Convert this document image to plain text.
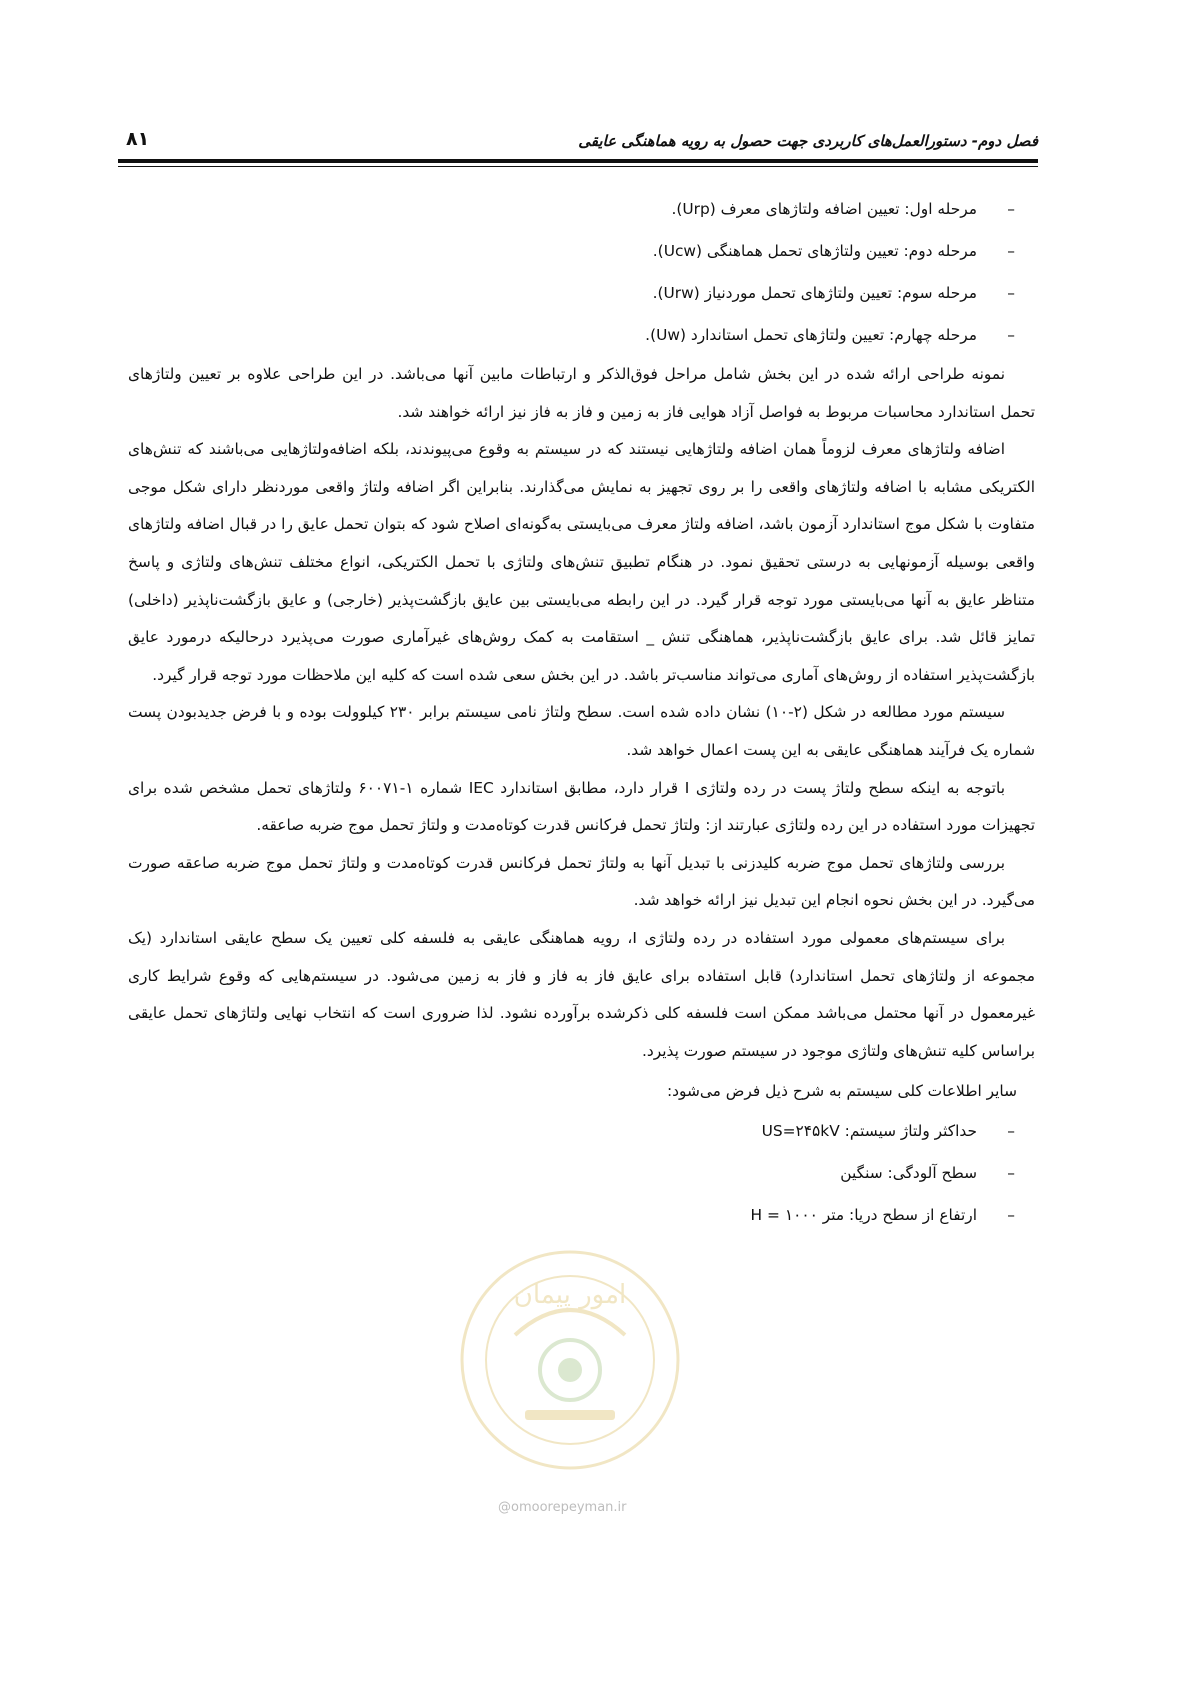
فصل دوم- دستورالعمل‌های کاربردی جهت حصول به رویه هماهنگی عایقی
۸۱
–مرحله اول: تعیین اضافه ولتاژهای معرف (Urp).
–مرحله دوم: تعیین ولتاژهای تحمل هماهنگی (Ucw).
–مرحله سوم: تعیین ولتاژهای تحمل موردنیاز (Urw).
–مرحله چهارم: تعیین ولتاژهای تحمل استاندارد (Uw).

نمونه طراحی ارائه شده در این بخش شامل مراحل فوق‌الذکر و ارتباطات مابین آنها می‌باشد. در این طراحی علاوه بر تعیین ولتاژهای تحمل استاندارد محاسبات مربوط به فواصل آزاد هوایی فاز به زمین و فاز به فاز نیز ارائه خواهند شد.

اضافه ولتاژهای معرف لزوماً همان اضافه ولتاژهایی نیستند که در سیستم به وقوع می‌پیوندند، بلکه اضافه‌ولتاژهایی می‌باشند که تنش‌های الکتریکی مشابه با اضافه ولتاژهای واقعی را بر روی تجهیز به نمایش می‌گذارند. بنابراین اگر اضافه ولتاژ واقعی موردنظر دارای شکل موجی متفاوت با شکل موج استاندارد آزمون باشد، اضافه ولتاژ معرف می‌بایستی به‌گونه‌ای اصلاح شود که بتوان تحمل عایق را در قبال اضافه ولتاژهای واقعی بوسیله آزمونهایی به درستی تحقیق نمود. در هنگام تطبیق تنش‌های ولتاژی با تحمل الکتریکی، انواع مختلف تنش‌های ولتاژی و پاسخ متناظر عایق به آنها می‌بایستی مورد توجه قرار گیرد. در این رابطه می‌بایستی بین عایق بازگشت‌پذیر (خارجی) و عایق بازگشت‌ناپذیر (داخلی) تمایز قائل شد. برای عایق بازگشت‌ناپذیر، هماهنگی تنش _ استقامت به کمک روش‌های غیرآماری صورت می‌پذیرد درحالیکه درمورد عایق بازگشت‌پذیر استفاده از روش‌های آماری می‌تواند مناسب‌تر باشد. در این بخش سعی شده است که کلیه این ملاحظات مورد توجه قرار گیرد.

سیستم مورد مطالعه در شکل (۲-۱۰) نشان داده شده است. سطح ولتاژ نامی سیستم برابر ۲۳۰ کیلوولت بوده و با فرض جدیدبودن پست شماره یک فرآیند هماهنگی عایقی به این پست اعمال خواهد شد.

باتوجه به اینکه سطح ولتاژ پست در رده ولتاژی I قرار دارد، مطابق استاندارد IEC شماره ۱-۶۰۰۷۱ ولتاژهای تحمل مشخص شده برای تجهیزات مورد استفاده در این رده ولتاژی عبارتند از: ولتاژ تحمل فرکانس قدرت کوتاه‌مدت و ولتاژ تحمل موج ضربه صاعقه.

بررسی ولتاژهای تحمل موج ضربه کلیدزنی با تبدیل آنها به ولتاژ تحمل فرکانس قدرت کوتاه‌مدت و ولتاژ تحمل موج ضربه صاعقه صورت می‌گیرد. در این بخش نحوه انجام این تبدیل نیز ارائه خواهد شد.

برای سیستم‌های معمولی مورد استفاده در رده ولتاژی I، رویه هماهنگی عایقی به فلسفه کلی تعیین یک سطح عایقی استاندارد (یک مجموعه از ولتاژهای تحمل استاندارد) قابل استفاده برای عایق فاز به فاز و فاز به زمین می‌شود. در سیستم‌هایی که وقوع شرایط کاری غیرمعمول در آنها محتمل می‌باشد ممکن است فلسفه کلی ذکرشده برآورده نشود. لذا ضروری است که انتخاب نهایی ولتاژهای تحمل عایقی براساس کلیه تنش‌های ولتاژی موجود در سیستم صورت پذیرد.

سایر اطلاعات کلی سیستم به شرح ذیل فرض می‌شود:
–حداکثر ولتاژ سیستم: US=۲۴۵kV
–سطح آلودگی: سنگین
–ارتفاع از سطح دریا: متر ۱۰۰۰ = H
امور پیمان
@omoorepeyman.ir
